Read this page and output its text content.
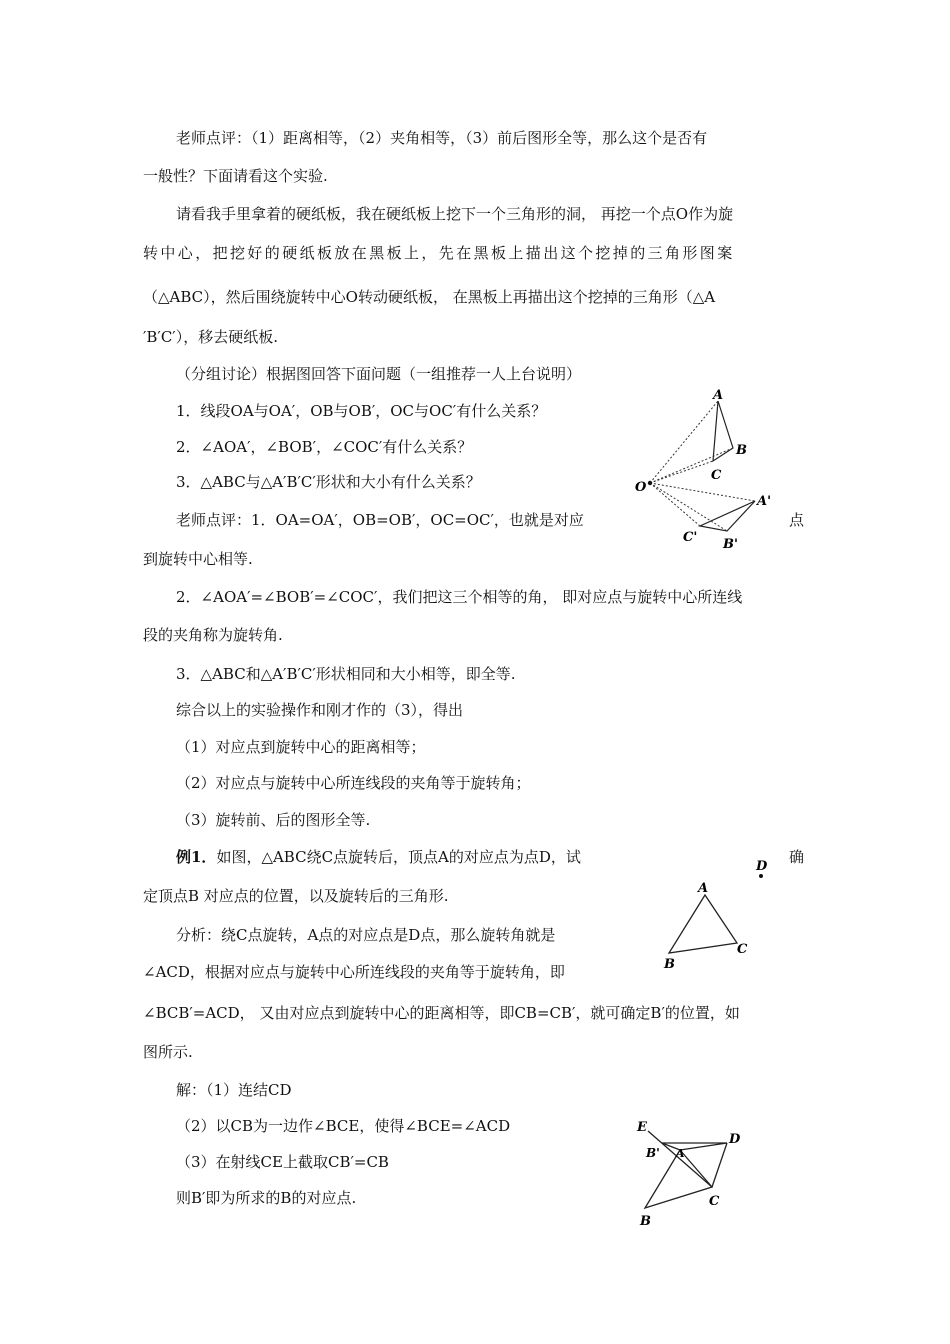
老师点评：（1）距离相等，（2）夹角相等，（3）前后图形全等，那么这个是否有
一般性？下面请看这个实验.
请看我手里拿着的硬纸板，我在硬纸板上挖下一个三角形的洞， 再挖一个点O作为旋
转中心，把挖好的硬纸板放在黑板上，先在黑板上描出这个挖掉的三角形图案
（△ABC），然后围绕旋转中心O转动硬纸板， 在黑板上再描出这个挖掉的三角形（△A
′B′C′），移去硬纸板.
（分组讨论）根据图回答下面问题（一组推荐一人上台说明）
1．线段OA与OA′，OB与OB′，OC与OC′有什么关系？
2．∠AOA′，∠BOB′，∠COC′有什么关系？
3．△ABC与△A′B′C′形状和大小有什么关系？
老师点评：1．OA=OA′，OB=OB′，OC=OC′，也就是对应	点
到旋转中心相等.
2．∠AOA′=∠BOB′=∠COC′，我们把这三个相等的角， 即对应点与旋转中心所连线
段的夹角称为旋转角.
3．△ABC和△A′B′C′形状相同和大小相等，即全等.
综合以上的实验操作和刚才作的（3），得出
（1）对应点到旋转中心的距离相等；
（2）对应点与旋转中心所连线段的夹角等于旋转角；
（3）旋转前、后的图形全等.
例1．如图，△ABC绕C点旋转后，顶点A的对应点为点D，试	确
定顶点B 对应点的位置，以及旋转后的三角形.
分析：绕C点旋转，A点的对应点是D点，那么旋转角就是
∠ACD，根据对应点与旋转中心所连线段的夹角等于旋转角，即
∠BCB′=ACD， 又由对应点到旋转中心的距离相等，即CB=CB′，就可确定B′的位置，如
图所示.
解：（1）连结CD
（2）以CB为一边作∠BCE，使得∠BCE=∠ACD
（3）在射线CE上截取CB′=CB
则B′即为所求的B的对应点.
O
A
B
C
A'
B'
C'
D
A
B
C
E
B' A
D
C
B
